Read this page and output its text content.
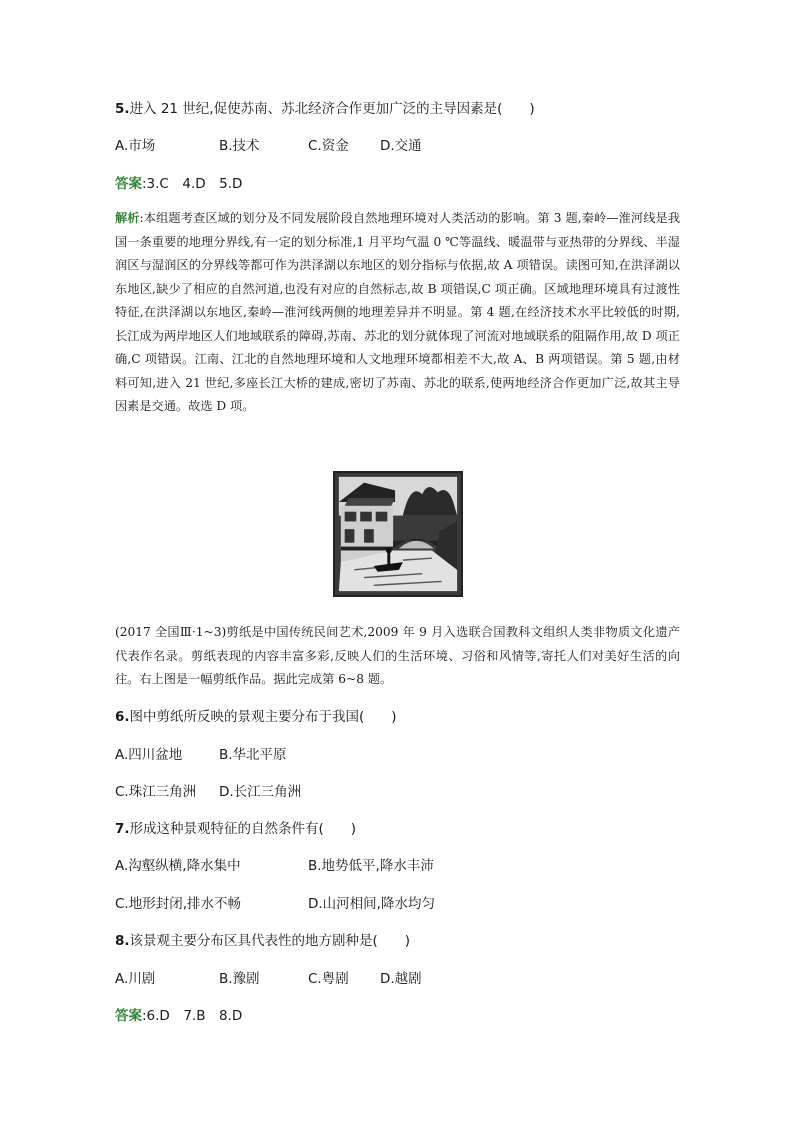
5.进入 21 世纪,促使苏南、苏北经济合作更加广泛的主导因素是(　　)
A.市场	B.技术	C.资金 D.交通
答案:3.C　4.D　5.D
解析:本组题考查区域的划分及不同发展阶段自然地理环境对人类活动的影响。第 3 题,秦岭—淮河线是我国一条重要的地理分界线,有一定的划分标准,1 月平均气温 0 ℃等温线、暖温带与亚热带的分界线、半湿润区与湿润区的分界线等都可作为洪泽湖以东地区的划分指标与依据,故 A 项错误。读图可知,在洪泽湖以东地区,缺少了相应的自然河道,也没有对应的自然标志,故 B 项错误,C 项正确。区域地理环境具有过渡性特征,在洪泽湖以东地区,秦岭—淮河线两侧的地理差异并不明显。第 4 题,在经济技术水平比较低的时期,长江成为两岸地区人们地域联系的障碍,苏南、苏北的划分就体现了河流对地域联系的阻隔作用,故 D 项正确,C 项错误。江南、江北的自然地理环境和人文地理环境都相差不大,故 A、B 两项错误。第 5 题,由材料可知,进入 21 世纪,多座长江大桥的建成,密切了苏南、苏北的联系,使两地经济合作更加广泛,故其主导因素是交通。故选 D 项。
(2017 全国Ⅲ·1~3)剪纸是中国传统民间艺术,2009 年 9 月入选联合国教科文组织人类非物质文化遗产代表作名录。剪纸表现的内容丰富多彩,反映人们的生活环境、习俗和风情等,寄托人们对美好生活的向往。右上图是一幅剪纸作品。据此完成第 6~8 题。
6.图中剪纸所反映的景观主要分布于我国(　　)
A.四川盆地	B.华北平原
C.珠江三角洲 D.长江三角洲
7.形成这种景观特征的自然条件有(　　)
A.沟壑纵横,降水集中	B.地势低平,降水丰沛
C.地形封闭,排水不畅	D.山河相间,降水均匀
8.该景观主要分布区具代表性的地方剧种是(　　)
A.川剧	B.豫剧	C.粤剧 D.越剧
答案:6.D　7.B　8.D
